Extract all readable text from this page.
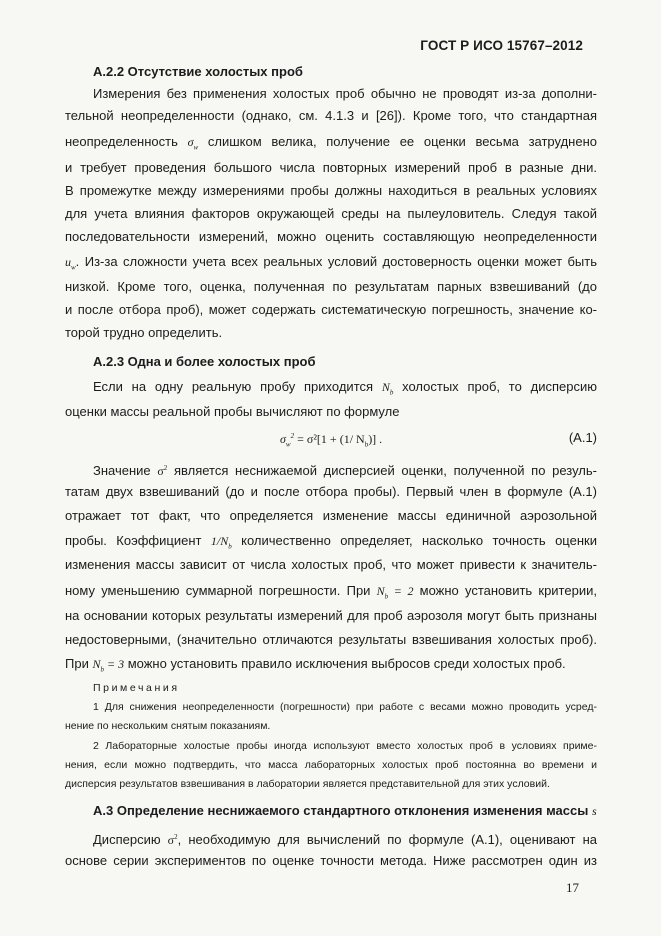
ГОСТ Р ИСО 15767–2012
А.2.2 Отсутствие холостых проб
Измерения без применения холостых проб обычно не проводят из-за дополни-
тельной неопределенности (однако, см. 4.1.3 и [26]). Кроме того, что стандартная
неопределенность $\sigma_w$ слишком велика, получение ее оценки весьма затруднено
и требует проведения большого числа повторных измерений проб в разные дни.
В промежутке между измерениями пробы должны находиться в реальных условиях
для учета влияния факторов окружающей среды на пылеуловитель. Следуя такой
последовательности измерений, можно оценить составляющую неопределенности
$u_w$. Из-за сложности учета всех реальных условий достоверность оценки может быть
низкой. Кроме того, оценка, полученная по результатам парных взвешиваний (до
и после отбора проб), может содержать систематическую погрешность, значение ко-
торой трудно определить.
А.2.3 Одна и более холостых проб
Если на одну реальную пробу приходится $N_b$ холостых проб, то дисперсию
оценки массы реальной пробы вычисляют по формуле
$\sigma_w^2 = \sigma^2[1 + (1/$ $N_b$)] .	(А.1)
Значение $\sigma^2$ является неснижаемой дисперсией оценки, полученной по резуль-
татам двух взвешиваний (до и после отбора пробы). Первый член в формуле (А.1)
отражает тот факт, что определяется изменение массы единичной аэрозольной
пробы. Коэффициент $1/N_b$ количественно определяет, насколько точность оценки
изменения массы зависит от числа холостых проб, что может привести к значитель-
ному уменьшению суммарной погрешности. При $N_b = 2$ можно установить критерии,
на основании которых результаты измерений для проб аэрозоля могут быть признаны
недостоверными, (значительно отличаются результаты взвешивания холостых проб).
При $N_b = 3$ можно установить правило исключения выбросов среди холостых проб.
Примечания
1 Для снижения неопределенности (погрешности) при работе с весами можно проводить усред-
нение по нескольким снятым показаниям.
2 Лабораторные холостые пробы иногда используют вместо холостых проб в условиях приме-
нения, если можно подтвердить, что масса лабораторных холостых проб постоянна во времени и
дисперсия результатов взвешивания в лаборатории является представительной для этих условий.
А.3 Определение неснижаемого стандартного отклонения изменения массы s
Дисперсию $\sigma^2$, необходимую для вычислений по формуле (А.1), оценивают на
основе серии экспериментов по оценке точности метода. Ниже рассмотрен один из
17
